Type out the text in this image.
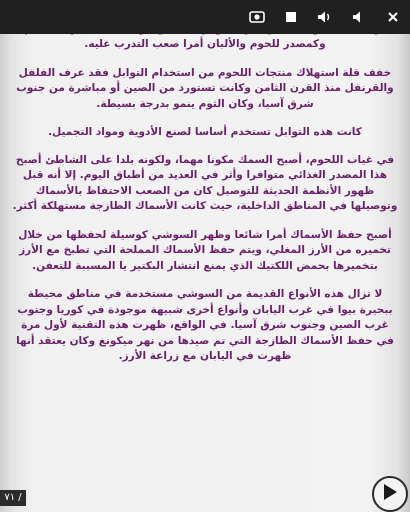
وكمصدر للحوم والألبان أمرا صعب التدرب عليه.

خفف قلة استهلاك منتجات اللحوم من استخدام التوابل فقد عرف الفلفل والقرنفل منذ القرن الثامن وكانت تستورد من الصين أو مباشرة من جنوب شرق آسيا، وكان الثوم ينمو بدرجة بسيطة.

كانت هذه التوابل تستخدم أساسا لصنع الأدوية ومواد التجميل.

في غياب اللحوم، أصبح السمك مكونا مهما، ولكونه بلدا على الشاطئ أصبح هذا المصدر الغذائي متوافرا وأثر في العديد من أطباق اليوم. إلا أنه قبل ظهور الأنظمة الحديثة للتوصيل كان من الصعب الاحتفاظ بالأسماك وتوصيلها في المناطق الداخلية، حيث كانت الأسماك الطازجة مستهلكة أكثر.

أصبح حفظ الأسماك أمرا شائعا وظهر السوشي كوسيلة لحفظها من خلال تخميره من الأرز المغلي، ويتم حفظ الأسماك المملحة التي تطبخ مع الأرز بتخميرها بحمض اللكتيك الذي يمنع انتشار البكتير يا المسببة للتعفن.

لا تزال هذه الأنواع القديمة من السوشي مستخدمة في مناطق محيطة ببحيرة بيوا في غرب اليابان وأنواع أخرى شبيهة موجودة في كوريا وجنوب غرب الصين وجنوب شرق آسيا. في الواقع، ظهرت هذه التقنية لأول مرة في حفظ الأسماك الطازجة التي تم صيدها من نهر ميكونغ وكان يعتقد أنها ظهرت في اليابان مع زراعة الأرز.

٧١ /
